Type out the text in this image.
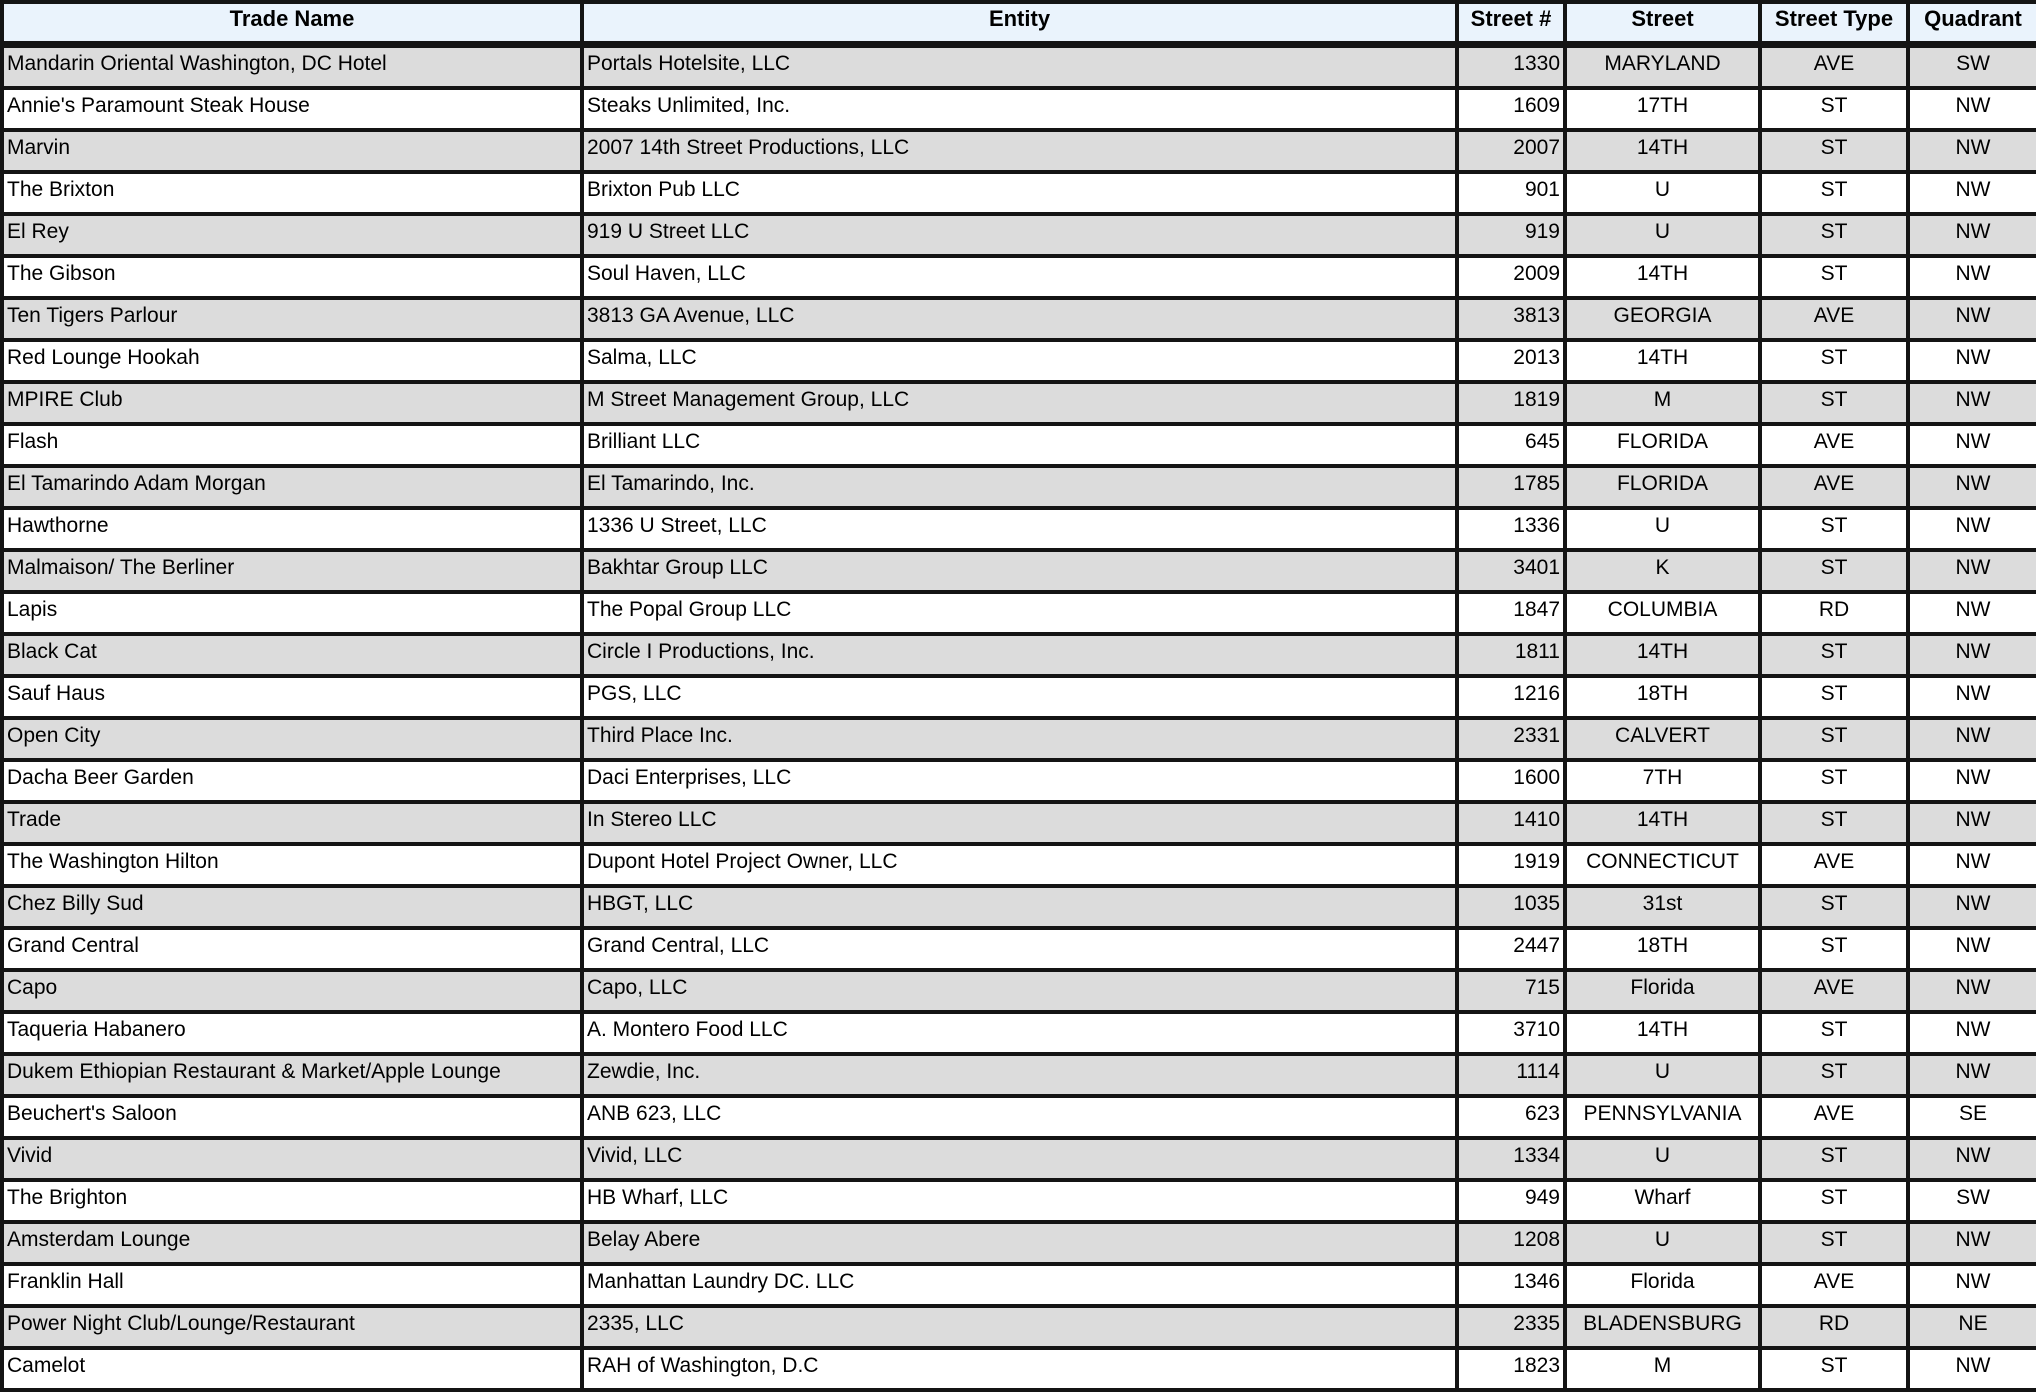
Trade Name	Entity	Street #	Street	Street Type	Quadrant
Mandarin Oriental Washington, DC Hotel	Portals Hotelsite, LLC	1330	MARYLAND	AVE	SW
Annie's Paramount Steak House	Steaks Unlimited, Inc.	1609	17TH	ST	NW
Marvin	2007 14th Street Productions, LLC	2007	14TH	ST	NW
The Brixton	Brixton Pub LLC	901	U	ST	NW
El Rey	919 U Street LLC	919	U	ST	NW
The Gibson	Soul Haven, LLC	2009	14TH	ST	NW
Ten Tigers Parlour	3813 GA Avenue, LLC	3813	GEORGIA	AVE	NW
Red Lounge Hookah	Salma, LLC	2013	14TH	ST	NW
MPIRE Club	M Street Management Group, LLC	1819	M	ST	NW
Flash	Brilliant LLC	645	FLORIDA	AVE	NW
El Tamarindo Adam Morgan	El Tamarindo, Inc.	1785	FLORIDA	AVE	NW
Hawthorne	1336 U Street, LLC	1336	U	ST	NW
Malmaison/ The Berliner	Bakhtar Group LLC	3401	K	ST	NW
Lapis	The Popal Group LLC	1847	COLUMBIA	RD	NW
Black Cat	Circle I Productions, Inc.	1811	14TH	ST	NW
Sauf Haus	PGS, LLC	1216	18TH	ST	NW
Open City	Third Place Inc.	2331	CALVERT	ST	NW
Dacha Beer Garden	Daci Enterprises, LLC	1600	7TH	ST	NW
Trade	In Stereo LLC	1410	14TH	ST	NW
The Washington Hilton	Dupont Hotel Project Owner, LLC	1919	CONNECTICUT	AVE	NW
Chez Billy Sud	HBGT, LLC	1035	31st	ST	NW
Grand Central	Grand Central, LLC	2447	18TH	ST	NW
Capo	Capo, LLC	715	Florida	AVE	NW
Taqueria Habanero	A. Montero Food LLC	3710	14TH	ST	NW
Dukem Ethiopian Restaurant & Market/Apple Lounge	Zewdie, Inc.	1114	U	ST	NW
Beuchert's Saloon	ANB 623, LLC	623	PENNSYLVANIA	AVE	SE
Vivid	Vivid, LLC	1334	U	ST	NW
The Brighton	HB Wharf, LLC	949	Wharf	ST	SW
Amsterdam Lounge	Belay Abere	1208	U	ST	NW
Franklin Hall	Manhattan Laundry DC. LLC	1346	Florida	AVE	NW
Power Night Club/Lounge/Restaurant	2335, LLC	2335	BLADENSBURG	RD	NE
Camelot	RAH of Washington, D.C	1823	M	ST	NW
